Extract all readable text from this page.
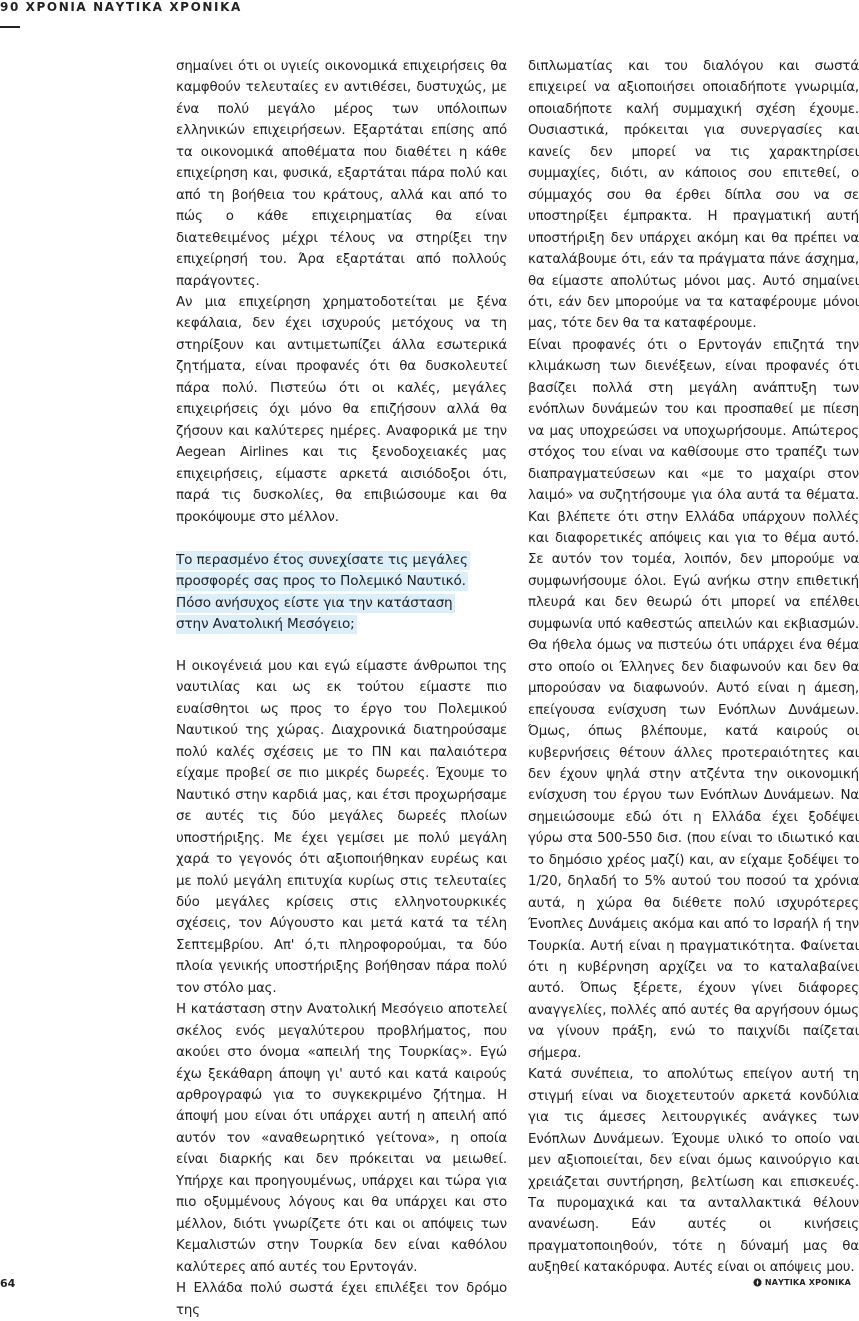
90 ΧΡΟΝΙΑ ΝΑΥΤΙΚΑ ΧΡΟΝΙΚΑ

σημαίνει ότι οι υγιείς οικονομικά επιχειρήσεις θα καμφθούν τελευταίες εν αντιθέσει, δυστυχώς, με ένα πολύ μεγάλο μέρος των υπόλοιπων ελληνικών επιχειρήσεων. Εξαρτάται επίσης από τα οικονομικά αποθέματα που διαθέτει η κάθε επιχείρηση και, φυσικά, εξαρτάται πάρα πολύ και από τη βοήθεια του κράτους, αλλά και από το πώς ο κάθε επιχειρηματίας θα είναι διατεθειμένος μέχρι τέλους να στηρίξει την επιχείρησή του. Άρα εξαρτάται από πολλούς παράγοντες.

Αν μια επιχείρηση χρηματοδοτείται με ξένα κεφάλαια, δεν έχει ισχυρούς μετόχους να τη στηρίξουν και αντιμετωπίζει άλλα εσωτερικά ζητήματα, είναι προφανές ότι θα δυσκολευτεί πάρα πολύ. Πιστεύω ότι οι καλές, μεγάλες επιχειρήσεις όχι μόνο θα επιζήσουν αλλά θα ζήσουν και καλύτερες ημέρες. Αναφορικά με την Aegean Airlines και τις ξενοδοχειακές μας επιχειρήσεις, είμαστε αρκετά αισιόδοξοι ότι, παρά τις δυσκολίες, θα επιβιώσουμε και θα προκόψουμε στο μέλλον.

Το περασμένο έτος συνεχίσατε τις μεγάλες προσφορές σας προς το Πολεμικό Ναυτικό. Πόσο ανήσυχος είστε για την κατάσταση στην Ανατολική Μεσόγειο;

Η οικογένειά μου και εγώ είμαστε άνθρωποι της ναυτιλίας και ως εκ τούτου είμαστε πιο ευαίσθητοι ως προς το έργο του Πολεμικού Ναυτικού της χώρας. Διαχρονικά διατηρούσαμε πολύ καλές σχέσεις με το ΠΝ και παλαιότερα είχαμε προβεί σε πιο μικρές δωρεές. Έχουμε το Ναυτικό στην καρδιά μας, και έτσι προχωρήσαμε σε αυτές τις δύο μεγάλες δωρεές πλοίων υποστήριξης. Με έχει γεμίσει με πολύ μεγάλη χαρά το γεγονός ότι αξιοποιήθηκαν ευρέως και με πολύ μεγάλη επιτυχία κυρίως στις τελευταίες δύο μεγάλες κρίσεις στις ελληνοτουρκικές σχέσεις, τον Αύγουστο και μετά κατά τα τέλη Σεπτεμβρίου. Απ' ό,τι πληροφορούμαι, τα δύο πλοία γενικής υποστήριξης βοήθησαν πάρα πολύ τον στόλο μας.

Η κατάσταση στην Ανατολική Μεσόγειο αποτελεί σκέλος ενός μεγαλύτερου προβλήματος, που ακούει στο όνομα «απειλή της Τουρκίας». Εγώ έχω ξεκάθαρη άποψη γι' αυτό και κατά καιρούς αρθρογραφώ για το συγκεκριμένο ζήτημα. Η άποψή μου είναι ότι υπάρχει αυτή η απειλή από αυτόν τον «αναθεωρητικό γείτονα», η οποία είναι διαρκής και δεν πρόκειται να μειωθεί. Υπήρχε και προηγουμένως, υπάρχει και τώρα για πιο οξυμμένους λόγους και θα υπάρχει και στο μέλλον, διότι γνωρίζετε ότι και οι απόψεις των Κεμαλιστών στην Τουρκία δεν είναι καθόλου καλύτερες από αυτές του Ερντογάν.

Η Ελλάδα πολύ σωστά έχει επιλέξει τον δρόμο της

διπλωματίας και του διαλόγου και σωστά επιχειρεί να αξιοποιήσει οποιαδήποτε γνωριμία, οποιαδήποτε καλή συμμαχική σχέση έχουμε. Ουσιαστικά, πρόκειται για συνεργασίες και κανείς δεν μπορεί να τις χαρακτηρίσει συμμαχίες, διότι, αν κάποιος σου επιτεθεί, ο σύμμαχός σου θα έρθει δίπλα σου να σε υποστηρίξει έμπρακτα. Η πραγματική αυτή υποστήριξη δεν υπάρχει ακόμη και θα πρέπει να καταλάβουμε ότι, εάν τα πράγματα πάνε άσχημα, θα είμαστε απολύτως μόνοι μας. Αυτό σημαίνει ότι, εάν δεν μπορούμε να τα καταφέρουμε μόνοι μας, τότε δεν θα τα καταφέρουμε.

Είναι προφανές ότι ο Ερντογάν επιζητά την κλιμάκωση των διενέξεων, είναι προφανές ότι βασίζει πολλά στη μεγάλη ανάπτυξη των ενόπλων δυνάμεών του και προσπαθεί με πίεση να μας υποχρεώσει να υποχωρήσουμε. Απώτερος στόχος του είναι να καθίσουμε στο τραπέζι των διαπραγματεύσεων και «με το μαχαίρι στον λαιμό» να συζητήσουμε για όλα αυτά τα θέματα. Και βλέπετε ότι στην Ελλάδα υπάρχουν πολλές και διαφορετικές απόψεις και για το θέμα αυτό. Σε αυτόν τον τομέα, λοιπόν, δεν μπορούμε να συμφωνήσουμε όλοι. Εγώ ανήκω στην επιθετική πλευρά και δεν θεωρώ ότι μπορεί να επέλθει συμφωνία υπό καθεστώς απειλών και εκβιασμών. Θα ήθελα όμως να πιστεύω ότι υπάρχει ένα θέμα στο οποίο οι Έλληνες δεν διαφωνούν και δεν θα μπορούσαν να διαφωνούν. Αυτό είναι η άμεση, επείγουσα ενίσχυση των Ενόπλων Δυνάμεων. Όμως, όπως βλέπουμε, κατά καιρούς οι κυβερνήσεις θέτουν άλλες προτεραιότητες και δεν έχουν ψηλά στην ατζέντα την οικονομική ενίσχυση του έργου των Ενόπλων Δυνάμεων. Να σημειώσουμε εδώ ότι η Ελλάδα έχει ξοδέψει γύρω στα 500-550 δισ. (που είναι το ιδιωτικό και το δημόσιο χρέος μαζί) και, αν είχαμε ξοδέψει το 1/20, δηλαδή το 5% αυτού του ποσού τα χρόνια αυτά, η χώρα θα διέθετε πολύ ισχυρότερες Ένοπλες Δυνάμεις ακόμα και από το Ισραήλ ή την Τουρκία. Αυτή είναι η πραγματικότητα. Φαίνεται ότι η κυβέρνηση αρχίζει να το καταλαβαίνει αυτό. Όπως ξέρετε, έχουν γίνει διάφορες αναγγελίες, πολλές από αυτές θα αργήσουν όμως να γίνουν πράξη, ενώ το παιχνίδι παίζεται σήμερα.

Κατά συνέπεια, το απολύτως επείγον αυτή τη στιγμή είναι να διοχετευτούν αρκετά κονδύλια για τις άμεσες λειτουργικές ανάγκες των Ενόπλων Δυνάμεων. Έχουμε υλικό το οποίο ναι μεν αξιοποιείται, δεν είναι όμως καινούργιο και χρειάζεται συντήρηση, βελτίωση και επισκευές. Τα πυρομαχικά και τα ανταλλακτικά θέλουν ανανέωση. Εάν αυτές οι κινήσεις πραγματοποιηθούν, τότε η δύναμή μας θα αυξηθεί κατακόρυφα. Αυτές είναι οι απόψεις μου.

64	ΝΑΥΤΙΚΑ ΧΡΟΝΙΚΑ
